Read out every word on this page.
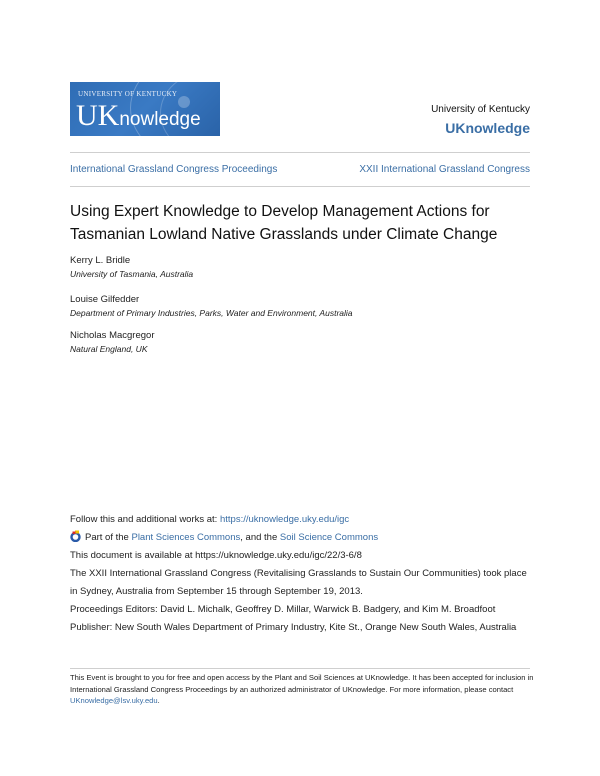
UNIVERSITY OF KENTUCKY
UKnowledge	University of Kentucky
UKnowledge
International Grassland Congress Proceedings	XXII International Grassland Congress
Using Expert Knowledge to Develop Management Actions for Tasmanian Lowland Native Grasslands under Climate Change
Kerry L. Bridle
University of Tasmania, Australia
Louise Gilfedder
Department of Primary Industries, Parks, Water and Environment, Australia
Nicholas Macgregor
Natural England, UK
Follow this and additional works at: https://uknowledge.uky.edu/igc
Part of the Plant Sciences Commons, and the Soil Science Commons
This document is available at https://uknowledge.uky.edu/igc/22/3-6/8
The XXII International Grassland Congress (Revitalising Grasslands to Sustain Our Communities) took place in Sydney, Australia from September 15 through September 19, 2013.
Proceedings Editors: David L. Michalk, Geoffrey D. Millar, Warwick B. Badgery, and Kim M. Broadfoot
Publisher: New South Wales Department of Primary Industry, Kite St., Orange New South Wales, Australia
This Event is brought to you for free and open access by the Plant and Soil Sciences at UKnowledge. It has been accepted for inclusion in International Grassland Congress Proceedings by an authorized administrator of UKnowledge. For more information, please contact UKnowledge@lsv.uky.edu.
